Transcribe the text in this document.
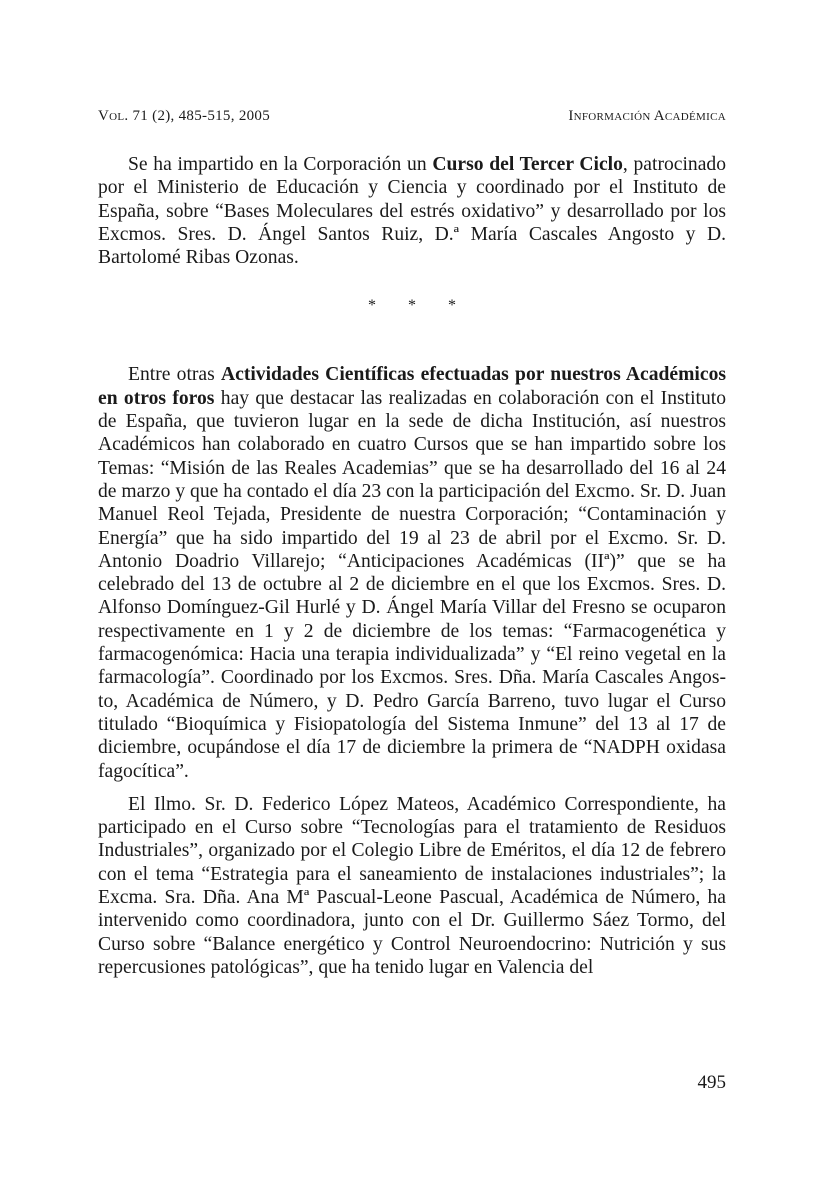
Vol. 71 (2), 485-515, 2005	Información Académica

Se ha impartido en la Corporación un Curso del Tercer Ciclo, patrocinado por el Ministerio de Educación y Ciencia y coordinado por el Instituto de España, sobre “Bases Moleculares del estrés oxidativo” y desarrollado por los Excmos. Sres. D. Ángel Santos Ruiz, D.ª María Cascales Angosto y D. Bartolomé Ribas Ozonas.

* * *

Entre otras Actividades Científicas efectuadas por nuestros Académicos en otros foros hay que destacar las realizadas en colaboración con el Instituto de España, que tuvieron lugar en la sede de dicha Institución, así nuestros Académicos han colaborado en cuatro Cursos que se han impartido sobre los Temas: “Misión de las Reales Academias” que se ha desarrollado del 16 al 24 de marzo y que ha contado el día 23 con la participación del Excmo. Sr. D. Juan Manuel Reol Tejada, Presidente de nuestra Corporación; “Contaminación y Energía” que ha sido impartido del 19 al 23 de abril por el Excmo. Sr. D. Antonio Doadrio Villarejo; “Anticipaciones Académicas (IIª)” que se ha celebrado del 13 de octubre al 2 de diciembre en el que los Excmos. Sres. D. Alfonso Domínguez-Gil Hurlé y D. Ángel María Villar del Fresno se ocuparon respectivamente en 1 y 2 de diciembre de los temas: “Farmacogenética y farmacogenómica: Hacia una terapia individualizada” y “El reino vegetal en la farmacología”. Coordinado por los Excmos. Sres. Dña. María Cascales Angosto, Académica de Número, y D. Pedro García Barreno, tuvo lugar el Curso titulado “Bioquímica y Fisiopatología del Sistema Inmune” del 13 al 17 de diciembre, ocupándose el día 17 de diciembre la primera de “NADPH oxidasa fagocítica”.

El Ilmo. Sr. D. Federico López Mateos, Académico Correspondiente, ha participado en el Curso sobre “Tecnologías para el tratamiento de Residuos Industriales”, organizado por el Colegio Libre de Eméritos, el día 12 de febrero con el tema “Estrategia para el saneamiento de instalaciones industriales”; la Excma. Sra. Dña. Ana Mª Pascual-Leone Pascual, Académica de Número, ha intervenido como coordinadora, junto con el Dr. Guillermo Sáez Tormo, del Curso sobre “Balance energético y Control Neuroendocrino: Nutrición y sus repercusiones patológicas”, que ha tenido lugar en Valencia del

495
